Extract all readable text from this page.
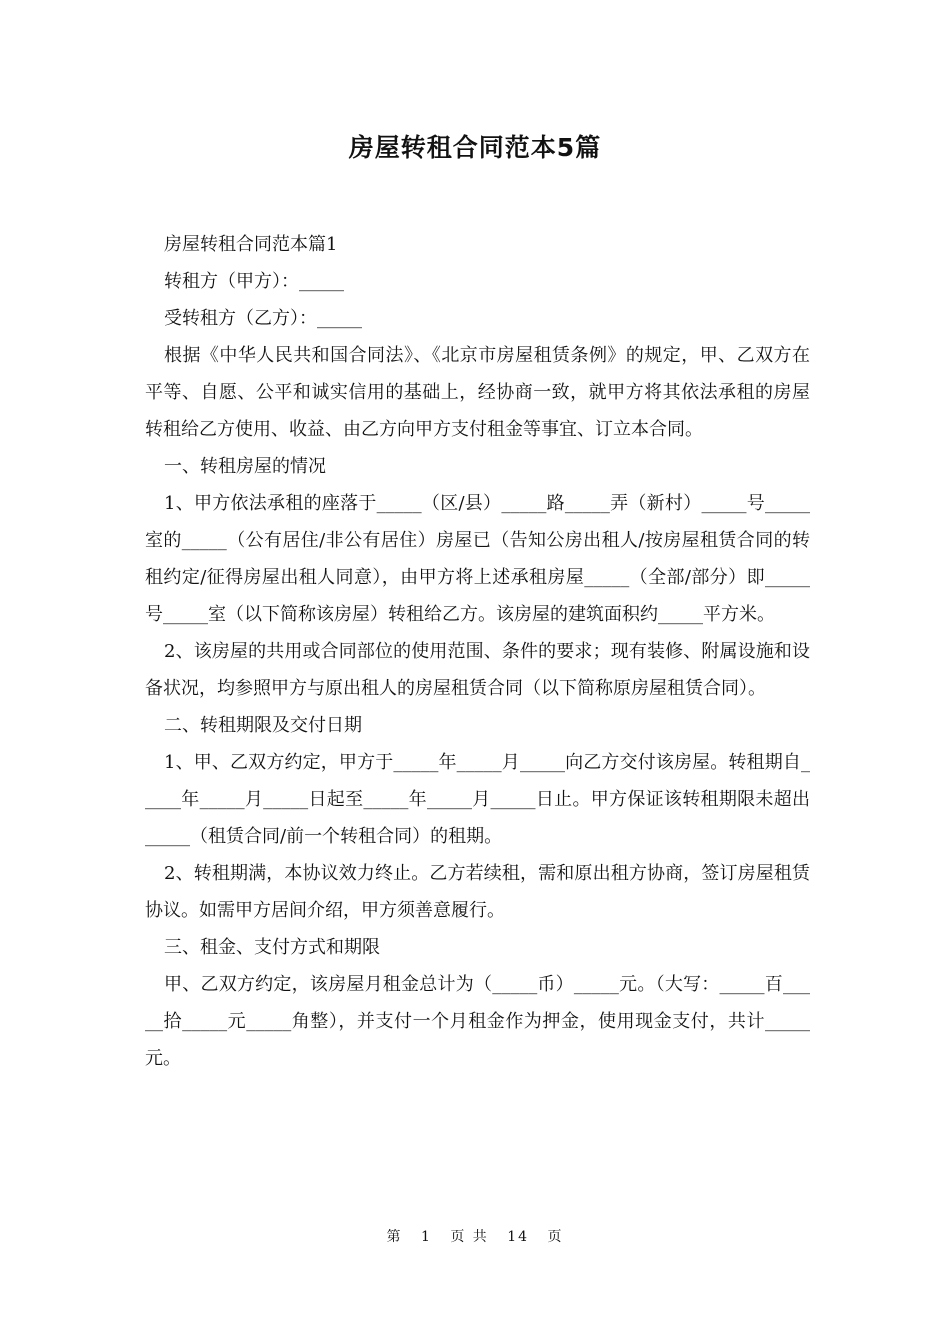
房屋转租合同范本5篇

房屋转租合同范本篇1

转租方（甲方）：_____

受转租方（乙方）：_____

根据《中华人民共和国合同法》、《北京市房屋租赁条例》的规定，甲、乙双方在平等、自愿、公平和诚实信用的基础上，经协商一致，就甲方将其依法承租的房屋转租给乙方使用、收益、由乙方向甲方支付租金等事宜、订立本合同。

一、转租房屋的情况

1、甲方依法承租的座落于_____（区/县）_____路_____弄（新村）_____号_____室的_____（公有居住/非公有居住）房屋已（告知公房出租人/按房屋租赁合同的转租约定/征得房屋出租人同意），由甲方将上述承租房屋_____（全部/部分）即_____号_____室（以下简称该房屋）转租给乙方。该房屋的建筑面积约_____平方米。

2、该房屋的共用或合同部位的使用范围、条件的要求；现有装修、附属设施和设备状况，均参照甲方与原出租人的房屋租赁合同（以下简称原房屋租赁合同）。

二、转租期限及交付日期

1、甲、乙双方约定，甲方于_____年_____月_____向乙方交付该房屋。转租期自_____年_____月_____日起至_____年_____月_____日止。甲方保证该转租期限未超出_____（租赁合同/前一个转租合同）的租期。

2、转租期满，本协议效力终止。乙方若续租，需和原出租方协商，签订房屋租赁协议。如需甲方居间介绍，甲方须善意履行。

三、租金、支付方式和期限

甲、乙双方约定，该房屋月租金总计为（_____币）_____元。（大写：_____百_____拾_____元_____角整），并支付一个月租金作为押金，使用现金支付，共计_____元。

第 1 页 共 14 页
